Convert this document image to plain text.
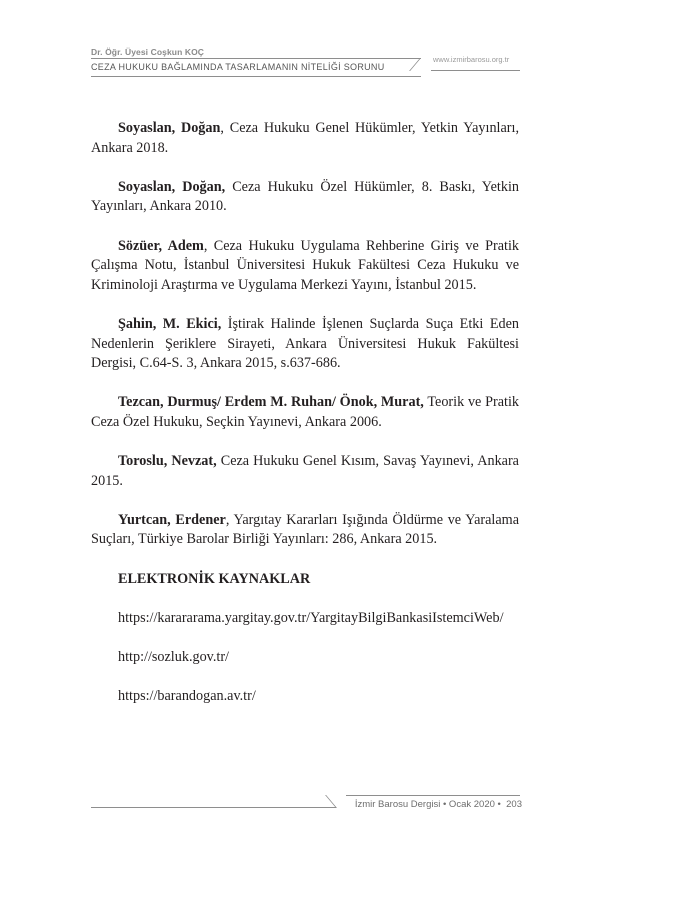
Dr. Öğr. Üyesi Coşkun KOÇ
CEZA HUKUKU BAĞLAMINDA TASARLAMANIN NİTELİĞİ SORUNU
www.izmirbarosu.org.tr

Soyaslan, Doğan, Ceza Hukuku Genel Hükümler, Yetkin Yayınları, Ankara 2018.

Soyaslan, Doğan, Ceza Hukuku Özel Hükümler, 8. Baskı, Yetkin Yayınları, Ankara 2010.

Sözüer, Adem, Ceza Hukuku Uygulama Rehberine Giriş ve Pratik Çalışma Notu, İstanbul Üniversitesi Hukuk Fakültesi Ceza Hukuku ve Kriminoloji Araştırma ve Uygulama Merkezi Yayını, İstanbul 2015.

Şahin, M. Ekici, İştirak Halinde İşlenen Suçlarda Suça Etki Eden Nedenlerin Şeriklere Sirayeti, Ankara Üniversitesi Hukuk Fakültesi Dergisi, C.64-S. 3, Ankara 2015, s.637-686.

Tezcan, Durmuş/ Erdem M. Ruhan/ Önok, Murat, Teorik ve Pratik Ceza Özel Hukuku, Seçkin Yayınevi, Ankara 2006.

Toroslu, Nevzat, Ceza Hukuku Genel Kısım, Savaş Yayınevi, Ankara 2015.

Yurtcan, Erdener, Yargıtay Kararları Işığında Öldürme ve Yaralama Suçları, Türkiye Barolar Birliği Yayınları: 286, Ankara 2015.

ELEKTRONİK KAYNAKLAR

https://karararama.yargitay.gov.tr/YargitayBilgiBankasiIstemciWeb/

http://sozluk.gov.tr/

https://barandogan.av.tr/

İzmir Barosu Dergisi • Ocak 2020 • 203
